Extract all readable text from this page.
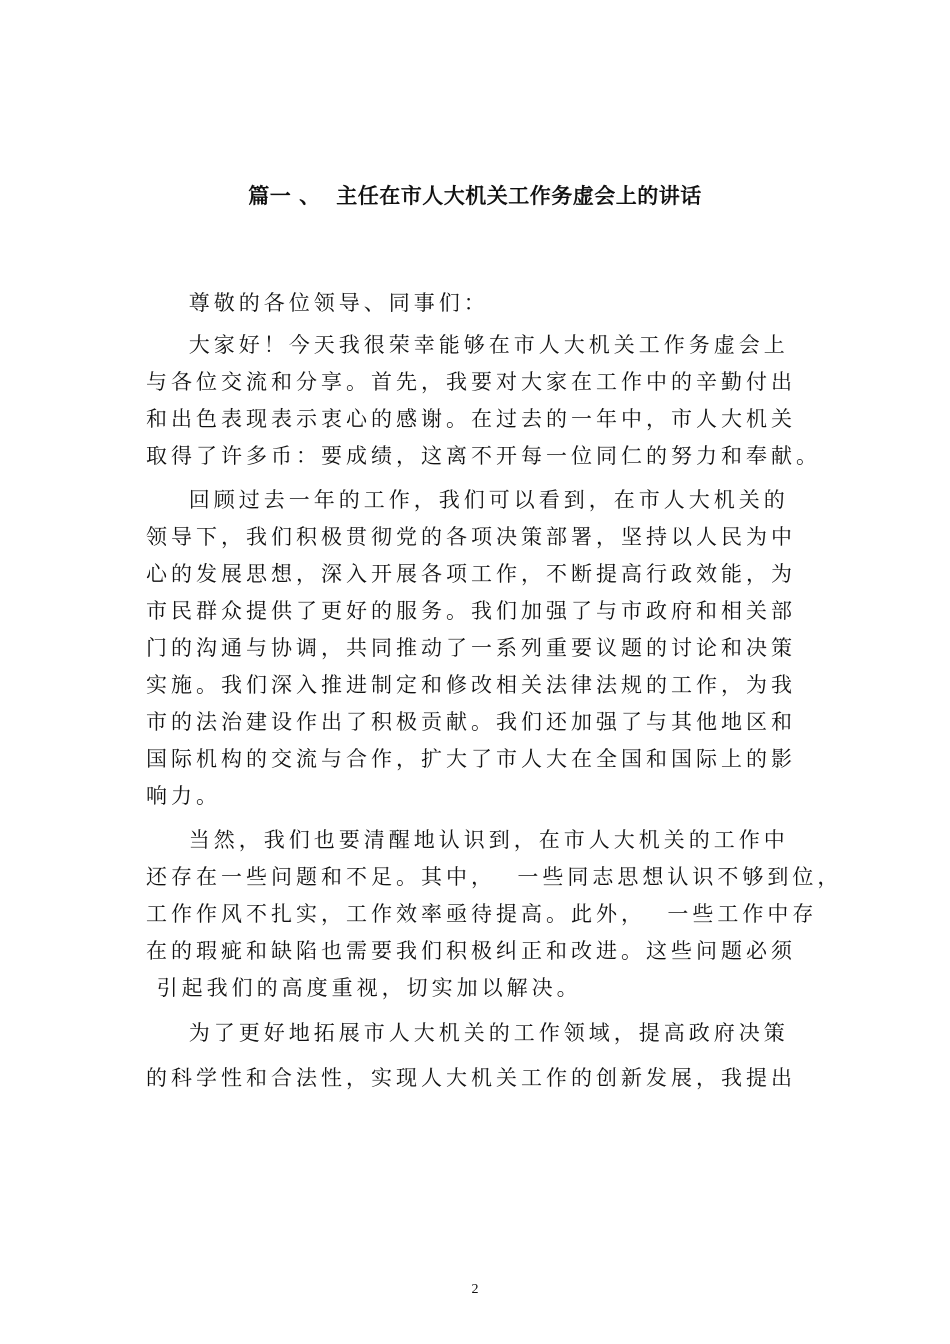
篇一 、  主任在市人大机关工作务虚会上的讲话
尊敬的各位领导、同事们：
大家好！今天我很荣幸能够在市人大机关工作务虚会上
与各位交流和分享。首先，我要对大家在工作中的辛勤付出
和出色表现表示衷心的感谢。在过去的一年中，市人大机关
取得了许多币：要成绩，这离不开每一位同仁的努力和奉献。
回顾过去一年的工作，我们可以看到，在市人大机关的
领导下，我们积极贯彻党的各项决策部署，坚持以人民为中
心的发展思想，深入开展各项工作，不断提高行政效能，为
市民群众提供了更好的服务。我们加强了与市政府和相关部
门的沟通与协调，共同推动了一系列重要议题的讨论和决策
实施。我们深入推进制定和修改相关法律法规的工作，为我
市的法治建设作出了积极贡献。我们还加强了与其他地区和
国际机构的交流与合作，扩大了市人大在全国和国际上的影
响力。
当然，我们也要清醒地认识到，在市人大机关的工作中
还存在一些问题和不足。其中，  一些同志思想认识不够到位，
工作作风不扎实，工作效率亟待提高。此外，  一些工作中存
在的瑕疵和缺陷也需要我们积极纠正和改进。这些问题必须
引起我们的高度重视，切实加以解决。
为了更好地拓展市人大机关的工作领域，提高政府决策
的科学性和合法性，实现人大机关工作的创新发展，我提出
2
